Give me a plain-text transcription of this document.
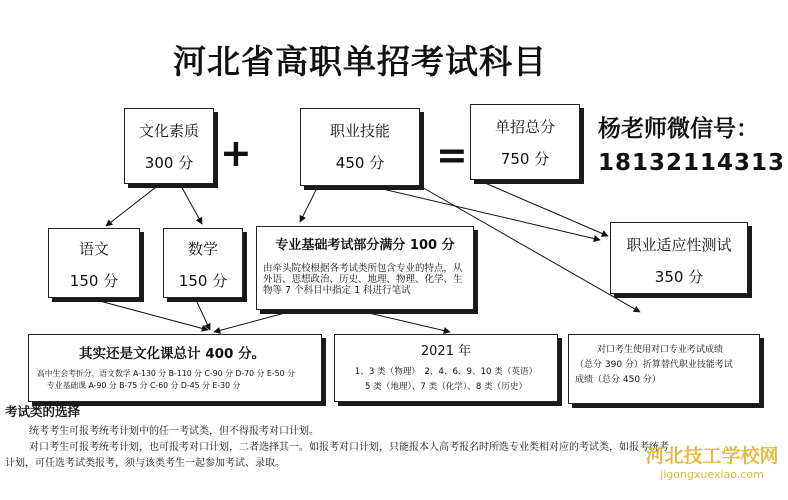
河北省高职单招考试科目
文化素质
300 分 +	职业技能
450 分	=
单招总分
750 分
杨老师微信号：
18132114313
语文
150 分
数学
150 分
专业基础考试部分满分 100 分
由牵头院校根据各考试类所包含专业的特点，从外语、思想政治、历史、地理、物理、化学、生物等 7 个科目中指定 1 科进行笔试
职业适应性测试
350 分
其实还是文化课总计 400 分。
高中生会考折分，语文数学 A-130 分 B-110 分 C-90 分 D-70 分 E-50 分
专业基础课 A-90 分 B-75 分 C-60 分 D-45 分 E-30 分
2021 年
1、3 类（物理）　2、4、6、9、10 类（英语）
5 类（地理）、7 类（化学）、8 类（历史）
对口考生使用对口专业考试成绩
（总分 390 分）折算替代职业技能考试
成绩（总分 450 分）
考试类的选择
统考考生可报考统考计划中的任一考试类，但不得报考对口计划。
对口考生可报考统考计划，也可报考对口计划，二者选择其一。如报考对口计划，只能报本人高考报名时所选专业类相对应的考试类，如报考统考
计划，可任选考试类报考，须与该类考生一起参加考试、录取。	河北技工学校网
jigongxuexiao.com
